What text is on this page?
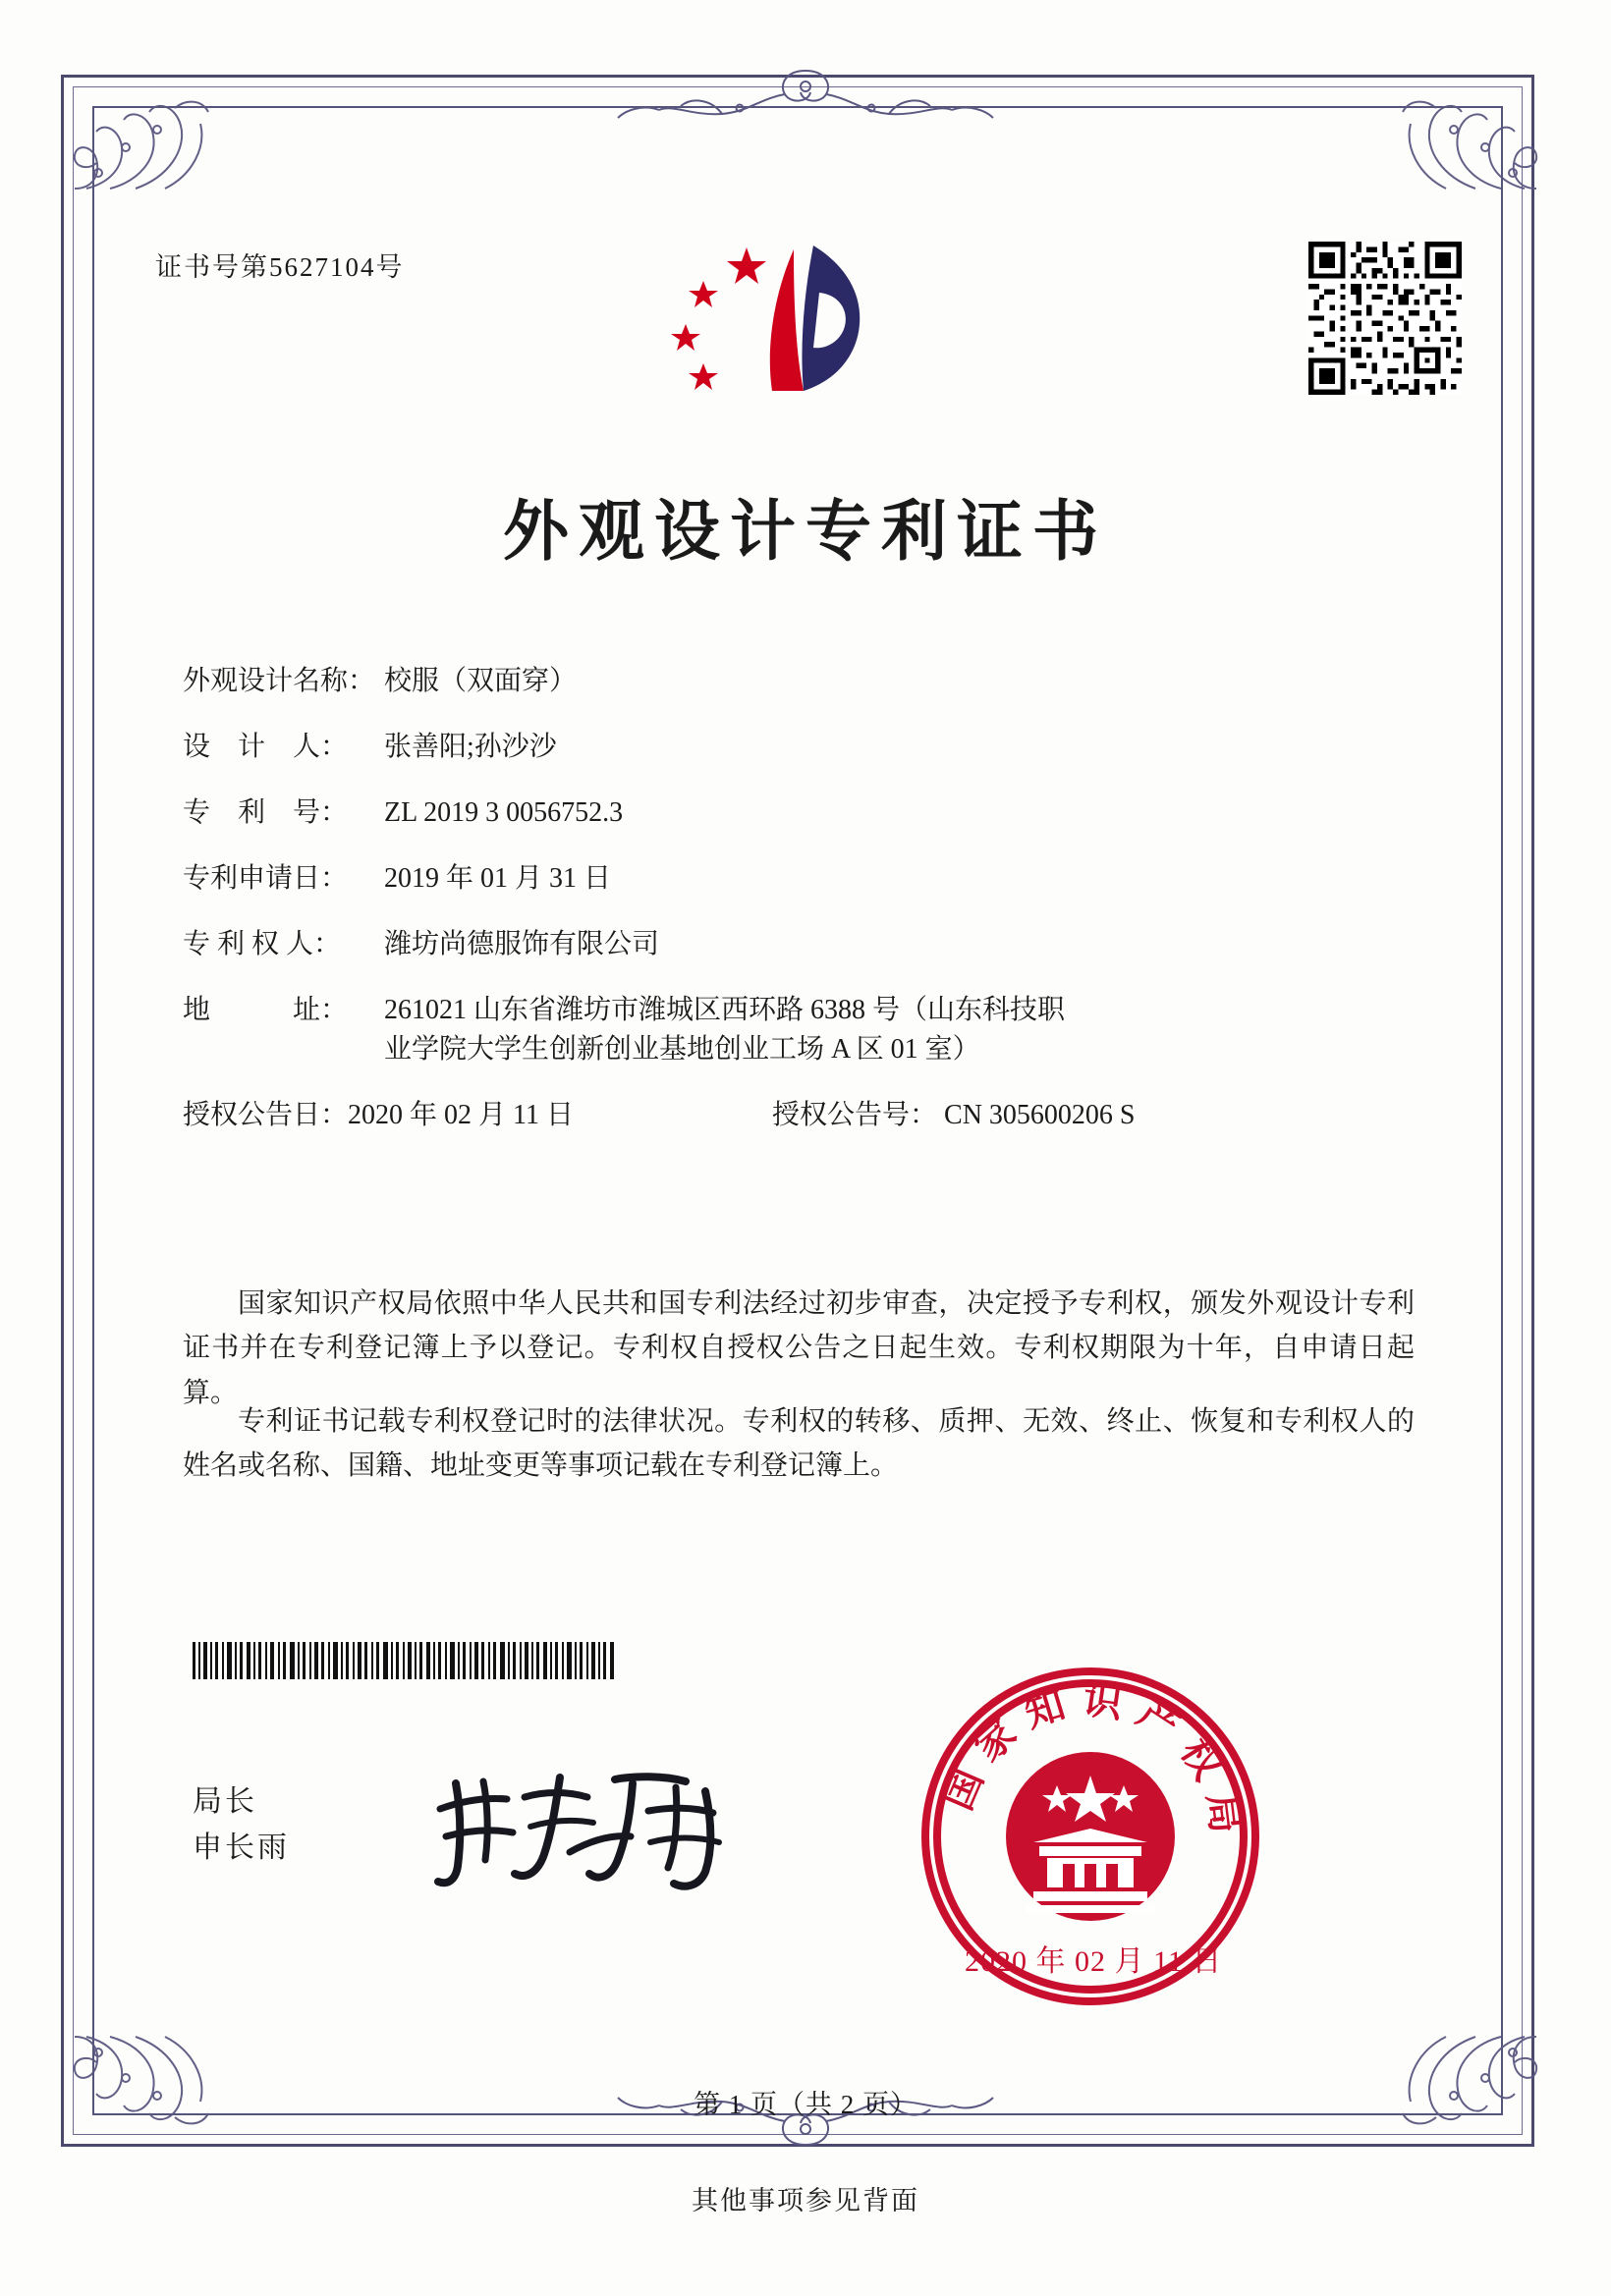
证书号第5627104号
外观设计专利证书
外观设计名称： 校服（双面穿）
设　计　人：	张善阳;孙沙沙
专　利　号：	ZL 2019 3 0056752.3
专利申请日：	2019 年 01 月 31 日
专 利 权 人：	潍坊尚德服饰有限公司
地　　　址：	261021 山东省潍坊市潍城区西环路 6388 号（山东科技职
业学院大学生创新创业基地创业工场 A 区 01 室）
授权公告日：2020 年 02 月 11 日	授权公告号： CN 305600206 S

国家知识产权局依照中华人民共和国专利法经过初步审查，决定授予专利权，颁发外观设计专利证书并在专利登记簿上予以登记。专利权自授权公告之日起生效。专利权期限为十年，自申请日起算。

专利证书记载专利权登记时的法律状况。专利权的转移、质押、无效、终止、恢复和专利权人的姓名或名称、国籍、地址变更等事项记载在专利登记簿上。

局长
申长雨
国家知识产权局
2020 年 02 月 11 日
第 1 页（共 2 页）
其他事项参见背面
